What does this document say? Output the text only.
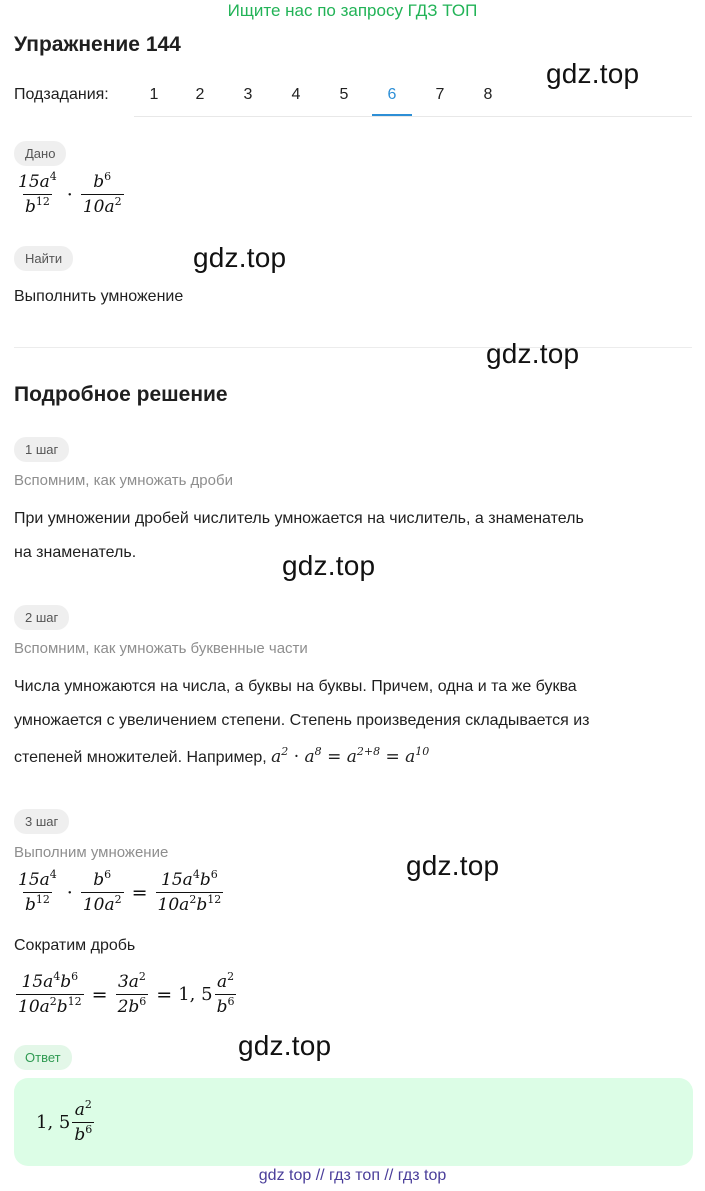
Ищите нас по запросу ГДЗ ТОП
Упражнение 144
gdz.top
Подзадания:	1	2	3	4	5	6	7	8
Дано
$\frac{15a^4}{b^{12}} \cdot \frac{b^6}{10a^2}$
Найти	gdz.top
Выполнить умножение
gdz.top
Подробное решение
1 шаг
Вспомним, как умножать дроби
При умножении дробей числитель умножается на числитель, а знаменатель
на знаменатель.	gdz.top
2 шаг
Вспомним, как умножать буквенные части
Числа умножаются на числа, а буквы на буквы. Причем, одна и та же буква
умножается с увеличением степени. Степень произведения складывается из
степеней множителей. Например, $a^2 \cdot a^8 = a^{2+8} = a^{10}$
3 шаг
Выполним умножение	gdz.top
$\frac{15a^4}{b^{12}} \cdot \frac{b^6}{10a^2} = \frac{15a^4b^6}{10a^2b^{12}}$
Сократим дробь
$\frac{15a^4b^6}{10a^2b^{12}} = \frac{3a^2}{2b^6} = 1$, $5 \frac{a^2}{b^6}$
Ответ	gdz.top
1, $5 \frac{a^2}{b^6}$
gdz top // гдз топ // гдз top
